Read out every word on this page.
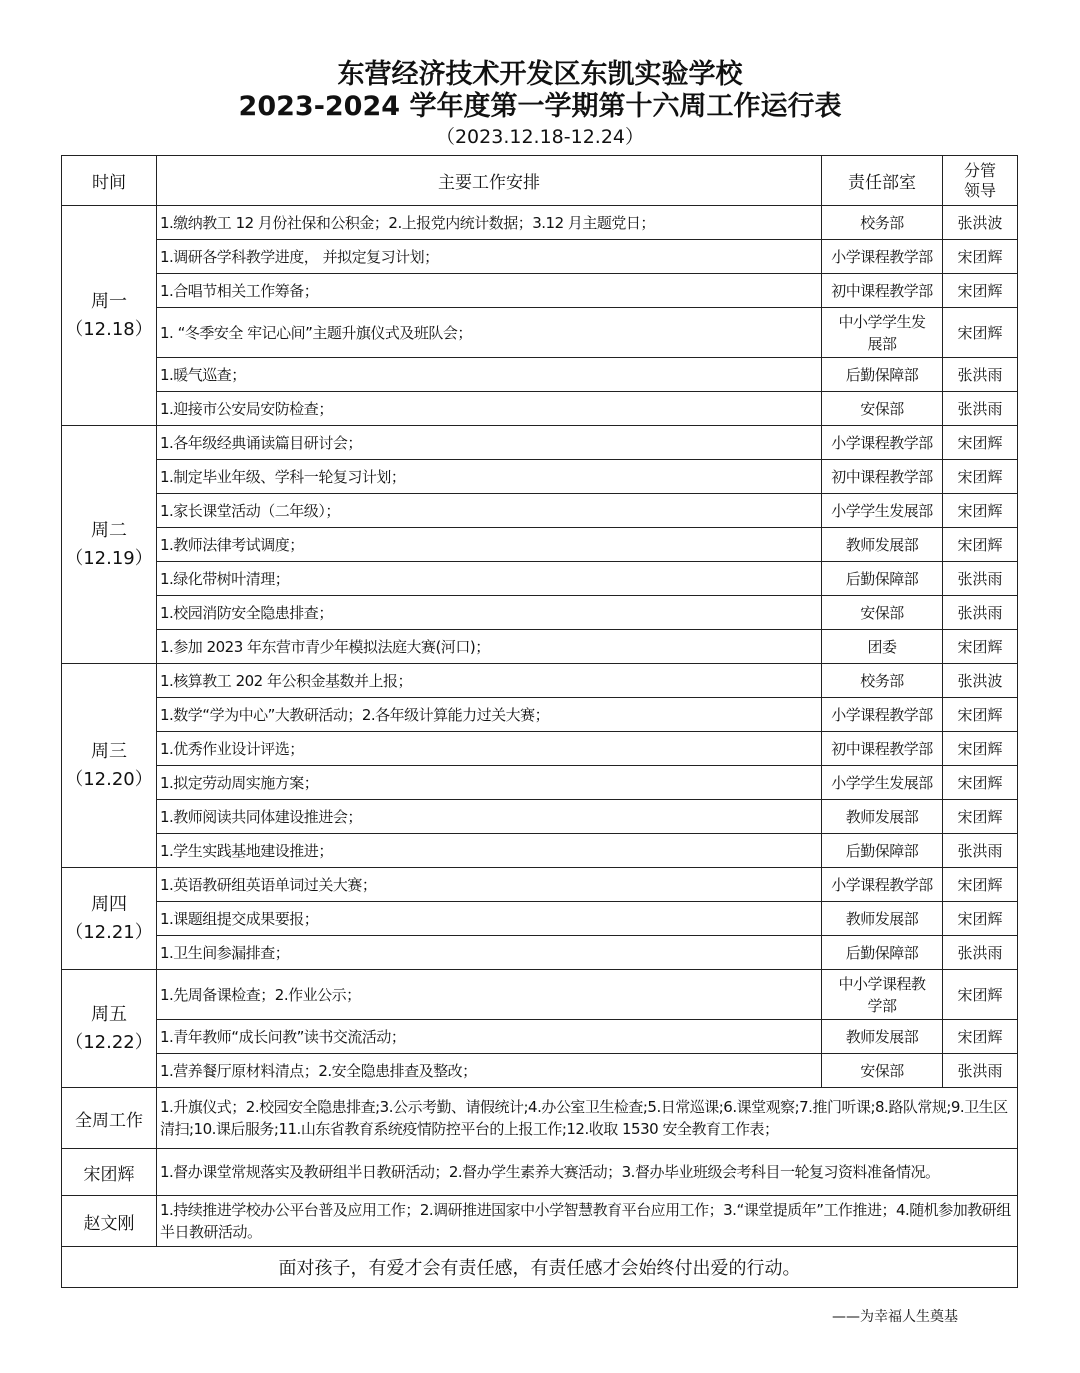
东营经济技术开发区东凯实验学校
2023-2024 学年度第一学期第十六周工作运行表
（2023.12.18-12.24）
时间	主要工作安排	责任部室	分管领导

周一
（12.18）	1.缴纳教工 12 月份社保和公积金；2.上报党内统计数据；3.12 月主题党日；	校务部	张洪波
	1.调研各学科教学进度， 并拟定复习计划；	小学课程教学部	宋团辉
	1.合唱节相关工作筹备；	初中课程教学部	宋团辉
	1. “冬季安全 牢记心间”主题升旗仪式及班队会；	中小学学生发展部	宋团辉
	1.暖气巡查；	后勤保障部	张洪雨
	1.迎接市公安局安防检查；	安保部	张洪雨

周二
（12.19）	1.各年级经典诵读篇目研讨会；	小学课程教学部	宋团辉
	1.制定毕业年级、学科一轮复习计划；	初中课程教学部	宋团辉
	1.家长课堂活动（二年级）；	小学学生发展部	宋团辉
	1.教师法律考试调度；	教师发展部	宋团辉
	1.绿化带树叶清理；	后勤保障部	张洪雨
	1.校园消防安全隐患排查；	安保部	张洪雨
	1.参加 2023 年东营市青少年模拟法庭大赛(河口)；	团委	宋团辉

周三
（12.20）	1.核算教工 202 年公积金基数并上报；	校务部	张洪波
	1.数学“学为中心”大教研活动；2.各年级计算能力过关大赛；	小学课程教学部	宋团辉
	1.优秀作业设计评选；	初中课程教学部	宋团辉
	1.拟定劳动周实施方案；	小学学生发展部	宋团辉
	1.教师阅读共同体建设推进会；	教师发展部	宋团辉
	1.学生实践基地建设推进；	后勤保障部	张洪雨

周四
（12.21）	1.英语教研组英语单词过关大赛；	小学课程教学部	宋团辉
	1.课题组提交成果要报；	教师发展部	宋团辉
	1.卫生间参漏排查；	后勤保障部	张洪雨

周五
（12.22）	1.先周备课检查；2.作业公示；	中小学课程教学部	宋团辉
	1.青年教师“成长问教”读书交流活动；	教师发展部	宋团辉
	1.营养餐厅原材料清点；2.安全隐患排查及整改；	安保部	张洪雨
全周工作	1.升旗仪式；2.校园安全隐患排查;3.公示考勤、请假统计;4.办公室卫生检查;5.日常巡课;6.课堂观察;7.推门听课;8.路队常规;9.卫生区清扫;10.课后服务;11.山东省教育系统疫情防控平台的上报工作;12.收取 1530 安全教育工作表；		
宋团辉	1.督办课堂常规落实及教研组半日教研活动；2.督办学生素养大赛活动；3.督办毕业班级会考科目一轮复习资料准备情况。		
赵文刚	1.持续推进学校办公平台普及应用工作；2.调研推进国家中小学智慧教育平台应用工作；3.“课堂提质年”工作推进；4.随机参加教研组半日教研活动。		
面对孩子，有爱才会有责任感，有责任感才会始终付出爱的行动。			
——为幸福人生奠基
